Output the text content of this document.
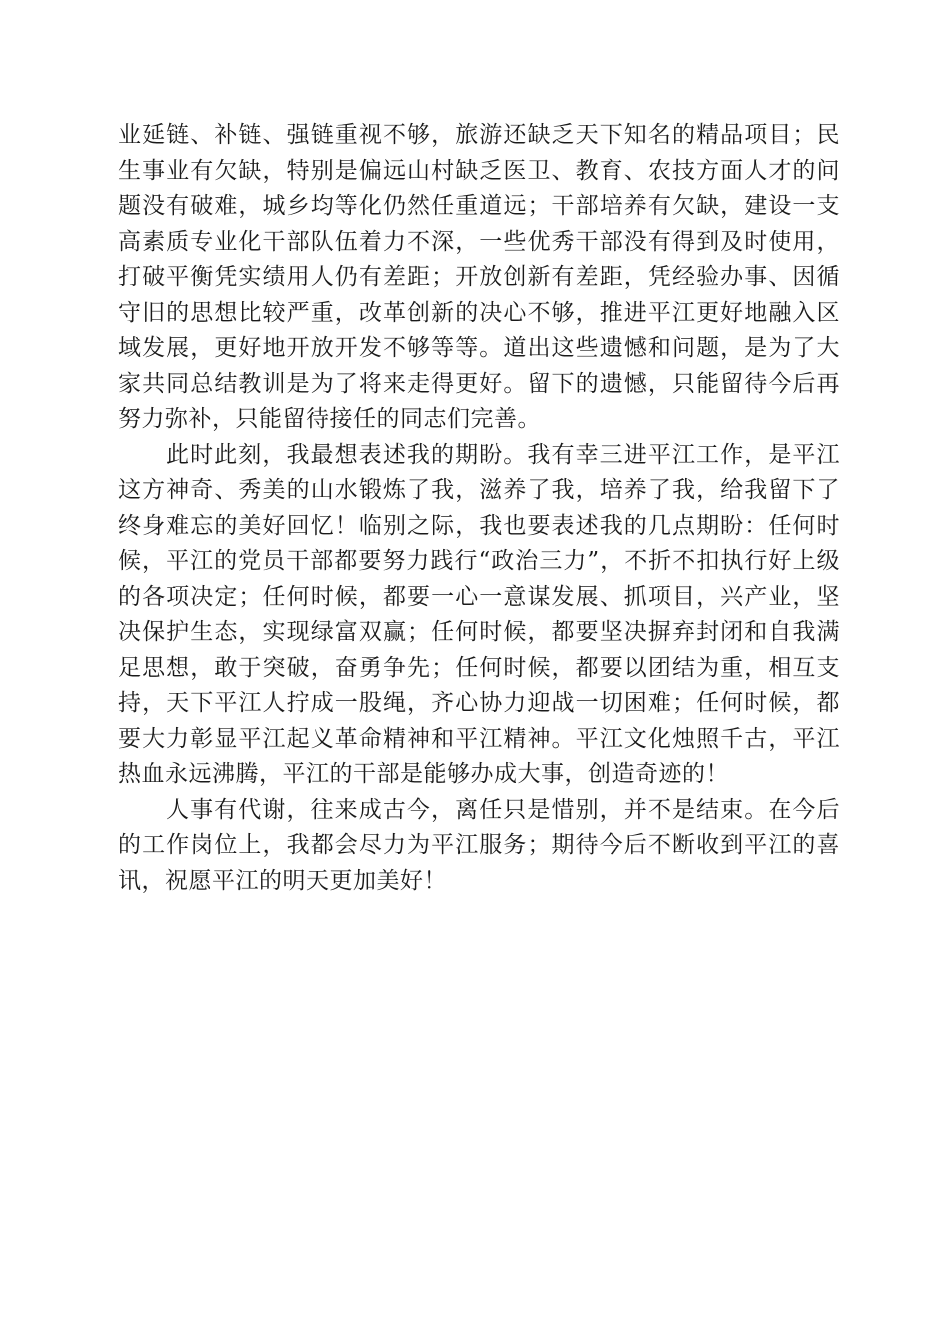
业延链、补链、强链重视不够，旅游还缺乏天下知名的精品项目；民生事业有欠缺，特别是偏远山村缺乏医卫、教育、农技方面人才的问题没有破难，城乡均等化仍然任重道远；干部培养有欠缺，建设一支高素质专业化干部队伍着力不深，一些优秀干部没有得到及时使用，打破平衡凭实绩用人仍有差距；开放创新有差距，凭经验办事、因循守旧的思想比较严重，改革创新的决心不够，推进平江更好地融入区域发展，更好地开放开发不够等等。道出这些遗憾和问题，是为了大家共同总结教训是为了将来走得更好。留下的遗憾，只能留待今后再努力弥补，只能留待接任的同志们完善。

此时此刻，我最想表述我的期盼。我有幸三进平江工作，是平江这方神奇、秀美的山水锻炼了我，滋养了我，培养了我，给我留下了终身难忘的美好回忆！临别之际，我也要表述我的几点期盼：任何时候，平江的党员干部都要努力践行“政治三力”，不折不扣执行好上级的各项决定；任何时候，都要一心一意谋发展、抓项目，兴产业，坚决保护生态，实现绿富双赢；任何时候，都要坚决摒弃封闭和自我满足思想，敢于突破，奋勇争先；任何时候，都要以团结为重，相互支持，天下平江人拧成一股绳，齐心协力迎战一切困难；任何时候，都要大力彰显平江起义革命精神和平江精神。平江文化烛照千古，平江热血永远沸腾，平江的干部是能够办成大事，创造奇迹的！

人事有代谢，往来成古今，离任只是惜别，并不是结束。在今后的工作岗位上，我都会尽力为平江服务；期待今后不断收到平江的喜讯，祝愿平江的明天更加美好！
